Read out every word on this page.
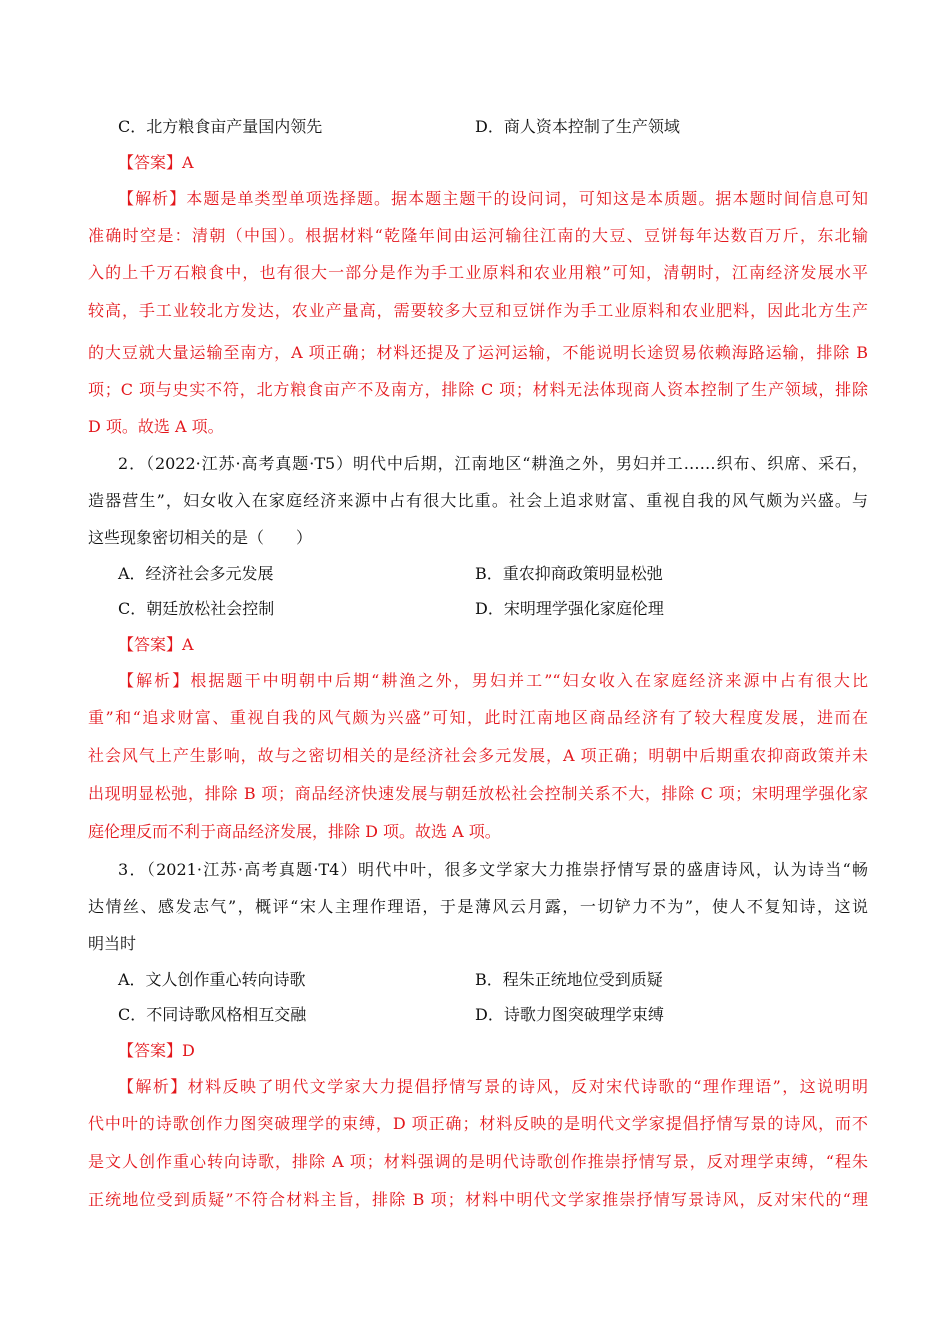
C．北方粮食亩产量国内领先	D．商人资本控制了生产领域
【答案】A
【解析】本题是单类型单项选择题。据本题主题干的设问词，可知这是本质题。据本题时间信息可知
准确时空是：清朝（中国）。根据材料“乾隆年间由运河输往江南的大豆、豆饼每年达数百万斤，东北输
入的上千万石粮食中，也有很大一部分是作为手工业原料和农业用粮”可知，清朝时，江南经济发展水平
较高，手工业较北方发达，农业产量高，需要较多大豆和豆饼作为手工业原料和农业肥料，因此北方生产
的大豆就大量运输至南方，A 项正确；材料还提及了运河运输，不能说明长途贸易依赖海路运输，排除 B
项；C 项与史实不符，北方粮食亩产不及南方，排除 C 项；材料无法体现商人资本控制了生产领域，排除
D 项。故选 A 项。
2．（2022·江苏·高考真题·T5）明代中后期，江南地区“耕渔之外，男妇并工……织布、织席、采石，
造器营生”，妇女收入在家庭经济来源中占有很大比重。社会上追求财富、重视自我的风气颇为兴盛。与
这些现象密切相关的是（　　）
A．经济社会多元发展	B．重农抑商政策明显松弛
C．朝廷放松社会控制	D．宋明理学强化家庭伦理
【答案】A
【解析】根据题干中明朝中后期“耕渔之外，男妇并工”“妇女收入在家庭经济来源中占有很大比
重”和“追求财富、重视自我的风气颇为兴盛”可知，此时江南地区商品经济有了较大程度发展，进而在
社会风气上产生影响，故与之密切相关的是经济社会多元发展，A 项正确；明朝中后期重农抑商政策并未
出现明显松弛，排除 B 项；商品经济快速发展与朝廷放松社会控制关系不大，排除 C 项；宋明理学强化家
庭伦理反而不利于商品经济发展，排除 D 项。故选 A 项。
3．（2021·江苏·高考真题·T4）明代中叶，很多文学家大力推崇抒情写景的盛唐诗风，认为诗当“畅
达情丝、感发志气”，概评“宋人主理作理语，于是薄风云月露，一切铲力不为”，使人不复知诗，这说
明当时
A．文人创作重心转向诗歌	B．程朱正统地位受到质疑
C．不同诗歌风格相互交融	D．诗歌力图突破理学束缚
【答案】D
【解析】材料反映了明代文学家大力提倡抒情写景的诗风，反对宋代诗歌的“理作理语”，这说明明
代中叶的诗歌创作力图突破理学的束缚，D 项正确；材料反映的是明代文学家提倡抒情写景的诗风，而不
是文人创作重心转向诗歌，排除 A 项；材料强调的是明代诗歌创作推崇抒情写景，反对理学束缚，“程朱
正统地位受到质疑”不符合材料主旨，排除 B 项；材料中明代文学家推崇抒情写景诗风，反对宋代的“理
